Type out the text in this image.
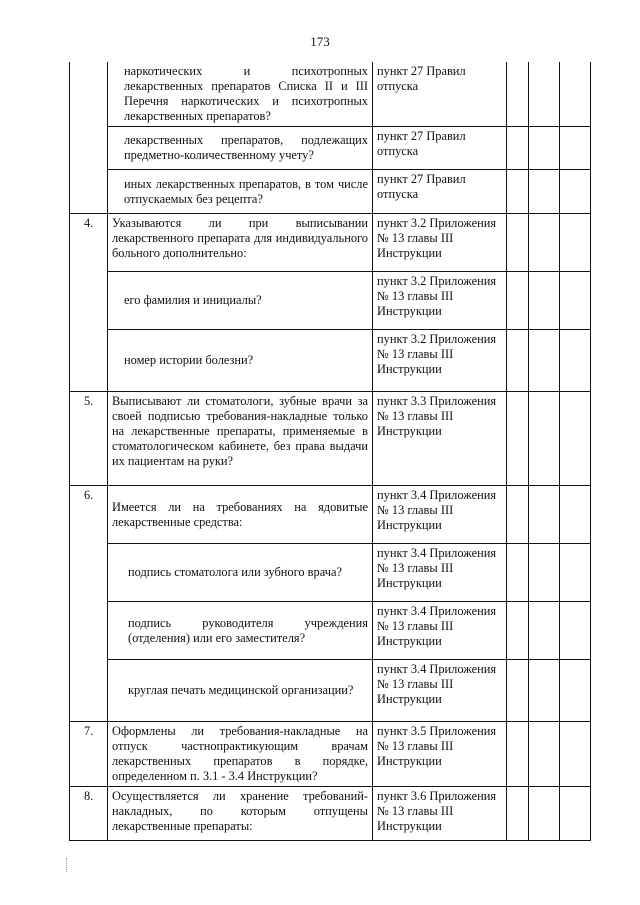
173
	наркотических и психотропных лекарственных препаратов Списка II и III Перечня наркотических и психотропных лекарственных препаратов?	пункт 27 Правил отпуска			
	лекарственных препаратов, подлежащих предметно-количественному учету?	пункт 27 Правил отпуска			
	иных лекарственных препаратов, в том числе отпускаемых без рецепта?	пункт 27 Правил отпуска			
4.	Указываются ли при выписывании лекарственного препарата для индивидуального больного дополнительно:	пункт 3.2 Приложения № 13 главы III Инструкции			
	его фамилия и инициалы?	пункт 3.2 Приложения № 13 главы III Инструкции			
	номер истории болезни?	пункт 3.2 Приложения № 13 главы III Инструкции			
5.	Выписывают ли стоматологи, зубные врачи за своей подписью требования-накладные только на лекарственные препараты, применяемые в стоматологическом кабинете, без права выдачи их пациентам на руки?	пункт 3.3 Приложения № 13 главы III Инструкции			
6.	Имеется ли на требованиях на ядовитые лекарственные средства:	пункт 3.4 Приложения № 13 главы III Инструкции			
	подпись стоматолога или зубного врача?	пункт 3.4 Приложения № 13 главы III Инструкции			
	подпись руководителя учреждения (отделения) или его заместителя?	пункт 3.4 Приложения № 13 главы III Инструкции			
	круглая печать медицинской организации?	пункт 3.4 Приложения № 13 главы III Инструкции			
7.	Оформлены ли требования-накладные на отпуск частнопрактикующим врачам лекарственных препаратов в порядке, определенном п. 3.1 - 3.4 Инструкции?	пункт 3.5 Приложения № 13 главы III Инструкции			
8.	Осуществляется ли хранение требований-накладных, по которым отпущены лекарственные препараты:	пункт 3.6 Приложения № 13 главы III Инструкции			
